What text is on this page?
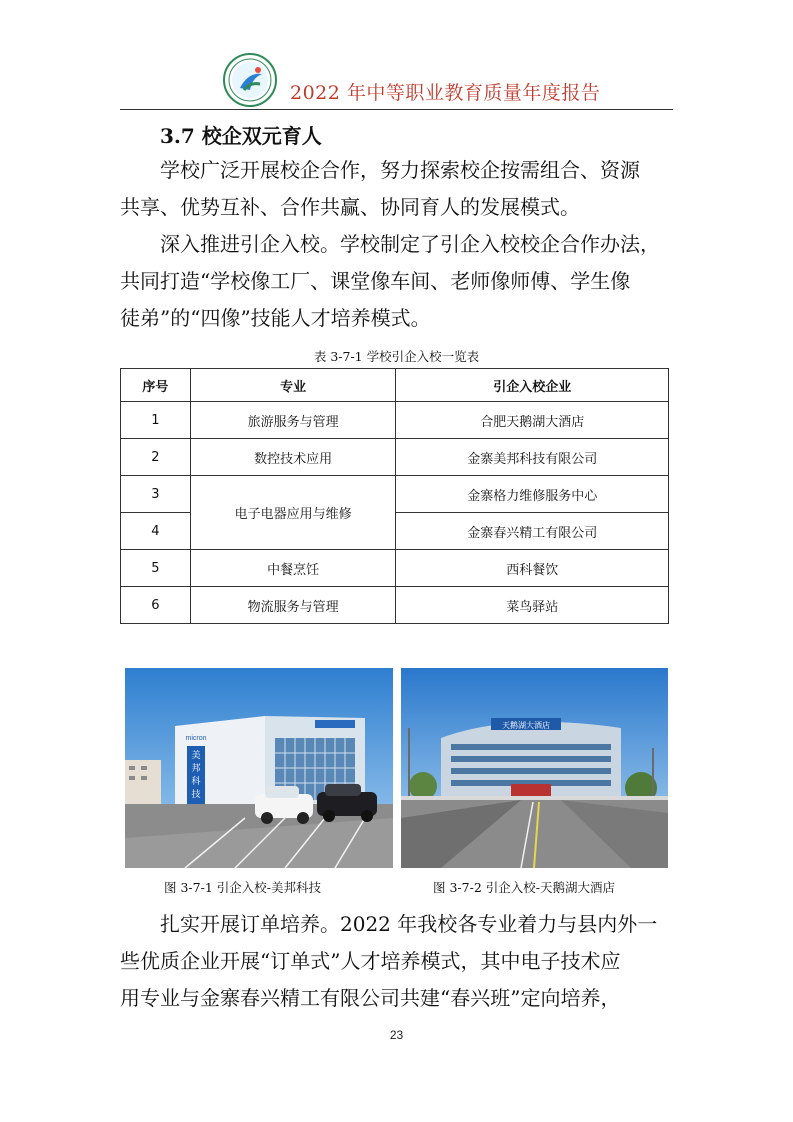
2022 年中等职业教育质量年度报告
3.7 校企双元育人

学校广泛开展校企合作，努力探索校企按需组合、资源
共享、优势互补、合作共赢、协同育人的发展模式。

深入推进引企入校。学校制定了引企入校校企合作办法，
共同打造“学校像工厂、课堂像车间、老师像师傅、学生像
徒弟”的“四像”技能人才培养模式。

表 3-7-1 学校引企入校一览表
序号	专业	引企入校企业
1	旅游服务与管理	合肥天鹅湖大酒店
2	数控技术应用	金寨美邦科技有限公司
3	电子电器应用与维修	金寨格力维修服务中心
4		金寨春兴精工有限公司
5	中餐烹饪	西科餐饮
6	物流服务与管理	菜鸟驿站
micron
美
邦
科
技
天鹅湖大酒店
图 3-7-1 引企入校-美邦科技	图 3-7-2 引企入校-天鹅湖大酒店

扎实开展订单培养。2022 年我校各专业着力与县内外一
些优质企业开展“订单式”人才培养模式，其中电子技术应
用专业与金寨春兴精工有限公司共建“春兴班”定向培养，

23
